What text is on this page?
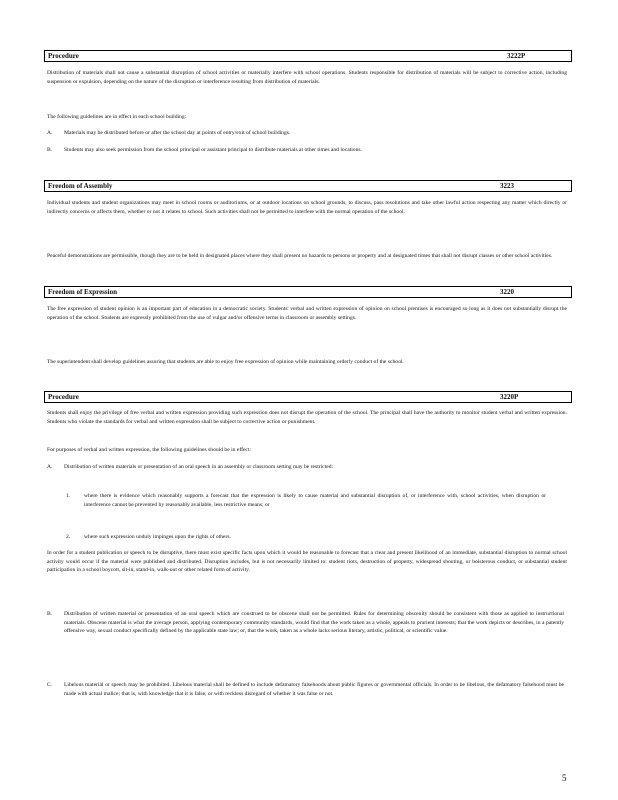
Procedure	3222P

Distribution of materials shall not cause a substantial disruption of school activities or materially interfere with school operations. Students responsible for distribution of materials will be subject to corrective action, including suspension or expulsion, depending on the nature of the disruption or interference resulting from distribution of materials.

The following guidelines are in effect in each school building:

A. Materials may be distributed before or after the school day at points of entry/exit of school buildings.
B. Students may also seek permission from the school principal or assistant principal to distribute materials at other times and locations.
Freedom of Assembly	3223

Individual students and student organizations may meet in school rooms or auditoriums, or at outdoor locations on school grounds, to discuss, pass resolutions and take other lawful action respecting any matter which directly or indirectly concerns or affects them, whether or not it relates to school. Such activities shall not be permitted to interfere with the normal operation of the school.

Peaceful demonstrations are permissible, though they are to be held in designated places where they shall present no hazards to persons or property and at designated times that shall not disrupt classes or other school activities.

Freedom of Expression	3220

The free expression of student opinion is an important part of education in a democratic society. Students' verbal and written expression of opinion on school premises is encouraged so long as it does not substantially disrupt the operation of the school. Students are expressly prohibited from the use of vulgar and/or offensive terms in classroom or assembly settings.

The superintendent shall develop guidelines assuring that students are able to enjoy free expression of opinion while maintaining orderly conduct of the school.

Procedure	3220P

Students shall enjoy the privilege of free verbal and written expression providing such expression does not disrupt the operation of the school. The principal shall have the authority to monitor student verbal and written expression. Students who violate the standards for verbal and written expression shall be subject to corrective action or punishment.

For purposes of verbal and written expression, the following guidelines should be in effect:

A. Distribution of written materials or presentation of an oral speech in an assembly or classroom setting may be restricted:
1. where there is evidence which reasonably supports a forecast that the expression is likely to cause material and substantial disruption of, or interference with, school activities, when disruption or interference cannot be prevented by reasonably available, less restrictive means; or
2. where such expression unduly impinges upon the rights of others.

In order for a student publication or speech to be disruptive, there must exist specific facts upon which it would be reasonable to forecast that a clear and present likelihood of an immediate, substantial disruption to normal school activity would occur if the material were published and distributed. Disruption includes, but is not necessarily limited to: student riots, destruction of property, widespread shouting, or boisterous conduct, or substantial student participation in a school boycott, sit-in, stand-in, walk-out or other related form of activity.

B. Distribution of written material or presentation of an oral speech which are construed to be obscene shall not be permitted. Rules for determining obscenity should be consistent with those as applied to instructional materials. Obscene material is what the average person, applying contemporary community standards, would find that the work taken as a whole, appeals to prurient interests; that the work depicts or describes, in a patently offensive way, sexual conduct specifically defined by the applicable state law; or, that the work, taken as a whole lacks serious literary, artistic, political, or scientific value.
C. Libelous material or speech may be prohibited. Libelous material shall be defined to include defamatory falsehoods about public figures or governmental officials. In order to be libelous, the defamatory falsehood must be made with actual malice; that is, with knowledge that it is false, or with reckless disregard of whether it was false or not.
5
